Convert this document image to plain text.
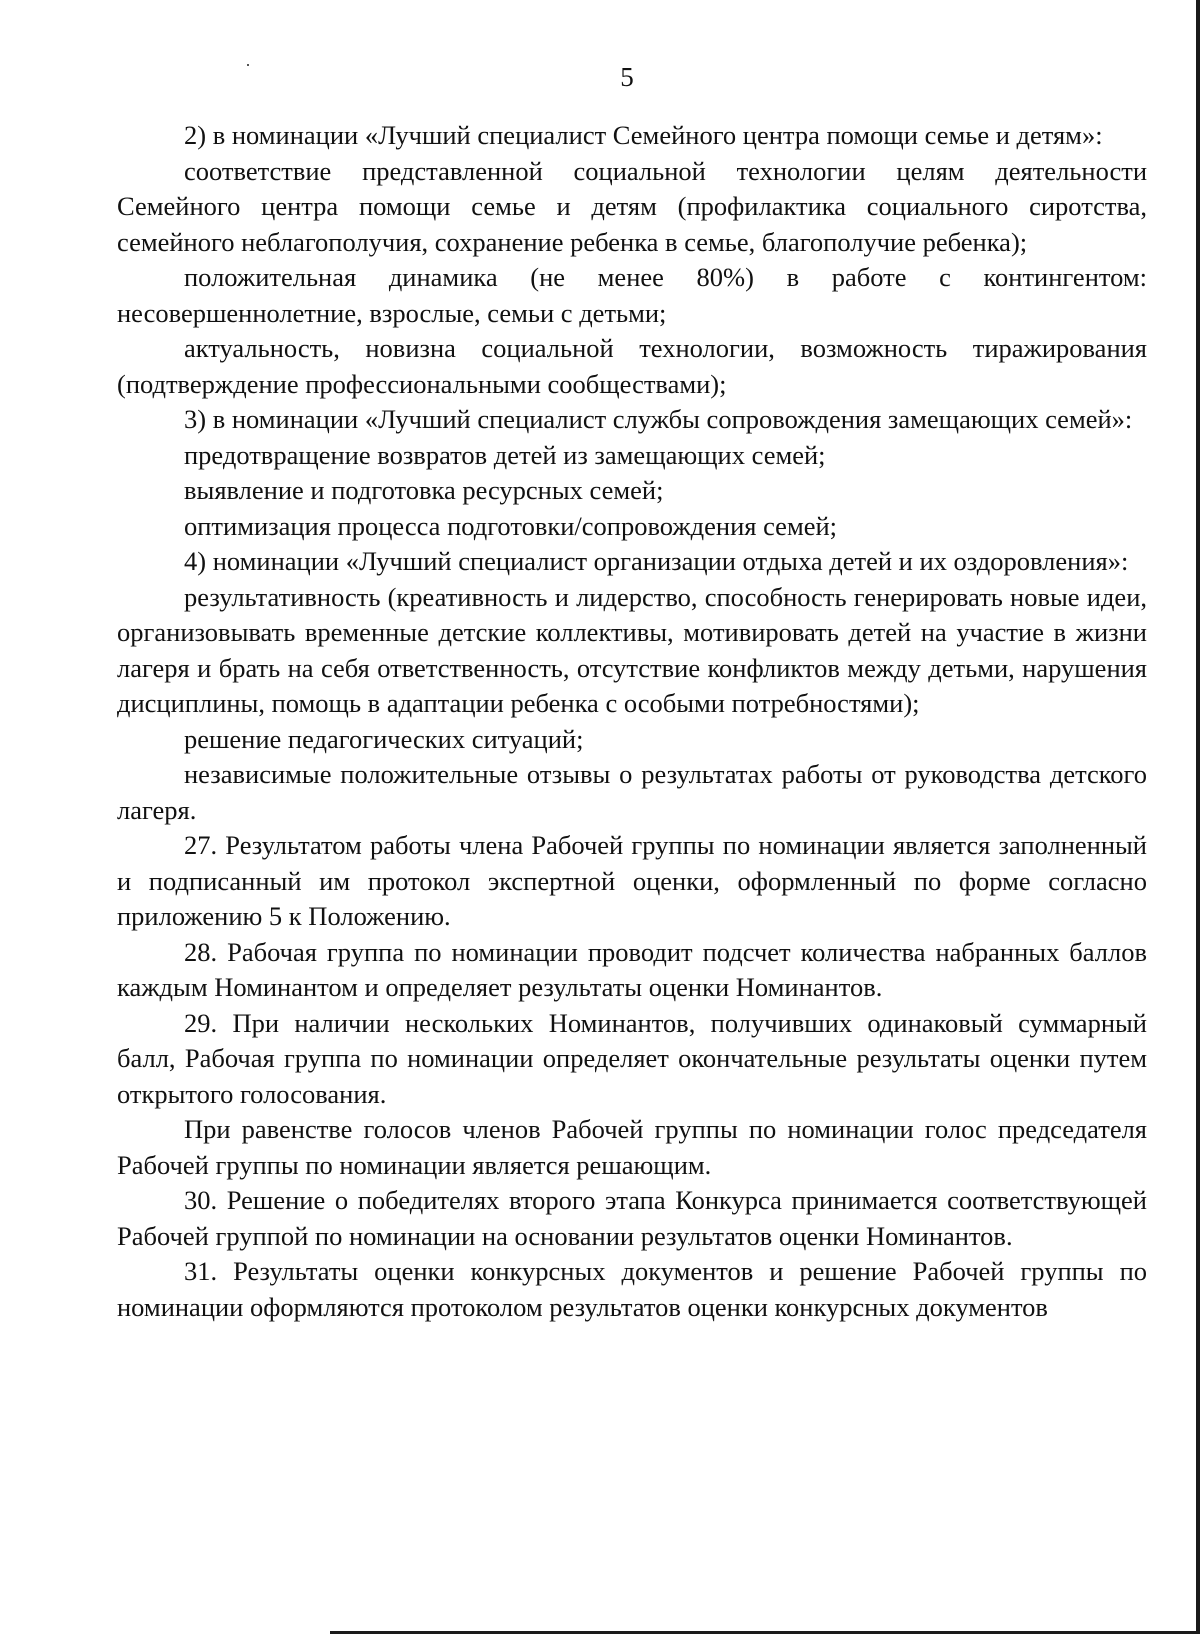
5

2) в номинации «Лучший специалист Семейного центра помощи семье и детям»:

соответствие представленной социальной технологии целям деятельности Семейного центра помощи семье и детям (профилактика социального сиротства, семейного неблагополучия, сохранение ребенка в семье, благополучие ребенка);

положительная динамика (не менее 80%) в работе с контингентом: несовершеннолетние, взрослые, семьи с детьми;

актуальность, новизна социальной технологии, возможность тиражирования (подтверждение профессиональными сообществами);

3) в номинации «Лучший специалист службы сопровождения замещающих семей»:

предотвращение возвратов детей из замещающих семей;

выявление и подготовка ресурсных семей;

оптимизация процесса подготовки/сопровождения семей;

4) номинации «Лучший специалист организации отдыха детей и их оздоровления»:

результативность (креативность и лидерство, способность генерировать новые идеи, организовывать временные детские коллективы, мотивировать детей на участие в жизни лагеря и брать на себя ответственность, отсутствие конфликтов между детьми, нарушения дисциплины, помощь в адаптации ребенка с особыми потребностями);

решение педагогических ситуаций;

независимые положительные отзывы о результатах работы от руководства детского лагеря.

27. Результатом работы члена Рабочей группы по номинации является заполненный и подписанный им протокол экспертной оценки, оформленный по форме согласно приложению 5 к Положению.

28. Рабочая группа по номинации проводит подсчет количества набранных баллов каждым Номинантом и определяет результаты оценки Номинантов.

29. При наличии нескольких Номинантов, получивших одинаковый суммарный балл, Рабочая группа по номинации определяет окончательные результаты оценки путем открытого голосования.

При равенстве голосов членов Рабочей группы по номинации голос председателя Рабочей группы по номинации является решающим.

30. Решение о победителях второго этапа Конкурса принимается соответствующей Рабочей группой по номинации на основании результатов оценки Номинантов.

31. Результаты оценки конкурсных документов и решение Рабочей группы по номинации оформляются протоколом результатов оценки конкурсных документов
